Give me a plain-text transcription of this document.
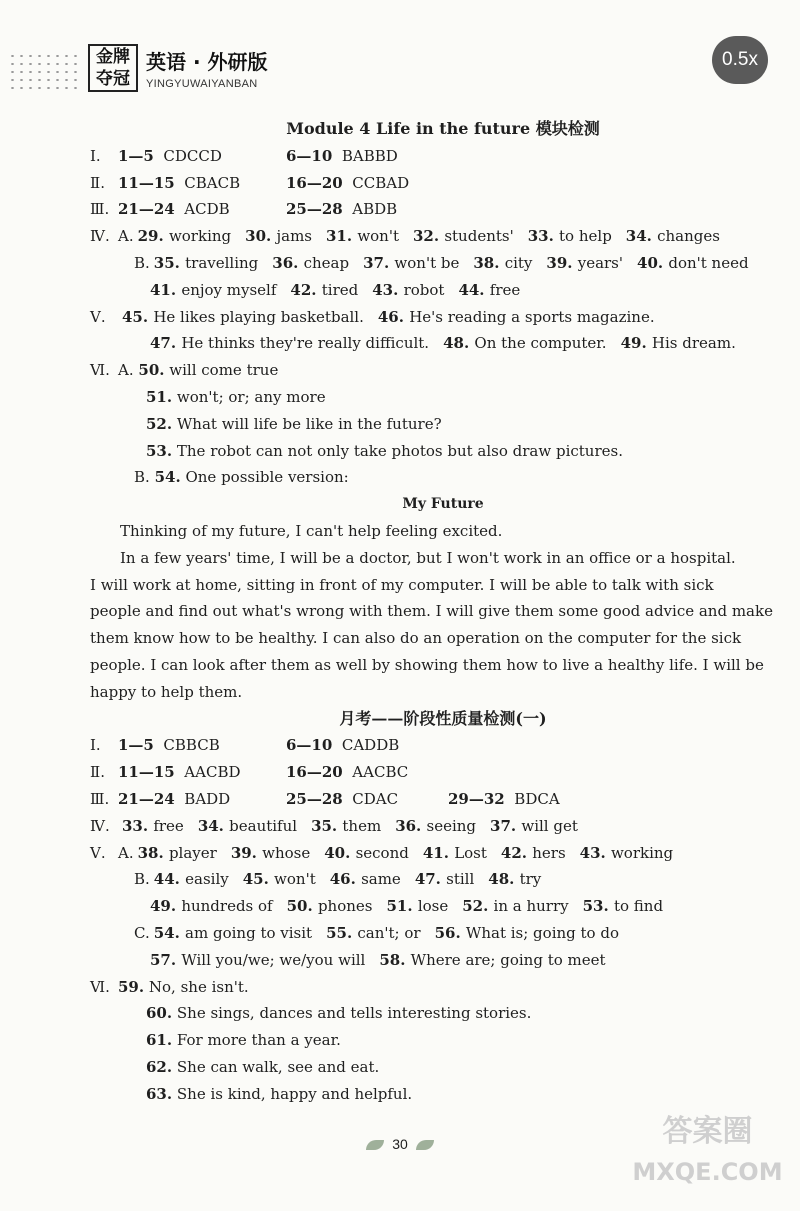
金牌
夺冠
英语 · 外研版
YINGYUWAIYANBAN
0.5x
Module 4 Life in the future 模块检测
Ⅰ. 1—5 CDCCD	6—10 BABBD
Ⅱ. 11—15 CBACB	16—20 CCBAD
Ⅲ. 21—24 ACDB	25—28 ABDB
Ⅳ. A. 29. working 30. jams 31. won't 32. students' 33. to help 34. changes
B. 35. travelling 36. cheap 37. won't be 38. city 39. years' 40. don't need
41. enjoy myself 42. tired 43. robot 44. free
Ⅴ. 45. He likes playing basketball. 46. He's reading a sports magazine.
47. He thinks they're really difficult. 48. On the computer. 49. His dream.
Ⅵ. A. 50. will come true
51. won't; or; any more
52. What will life be like in the future?
53. The robot can not only take photos but also draw pictures.
B. 54. One possible version:
My Future
Thinking of my future, I can't help feeling excited.
In a few years' time, I will be a doctor, but I won't work in an office or a hospital.
I will work at home, sitting in front of my computer. I will be able to talk with sick
people and find out what's wrong with them. I will give them some good advice and make
them know how to be healthy. I can also do an operation on the computer for the sick
people. I can look after them as well by showing them how to live a healthy life. I will be
happy to help them.
月考——阶段性质量检测(一)
Ⅰ. 1—5 CBBCB	6—10 CADDB
Ⅱ. 11—15 AACBD	16—20 AACBC
Ⅲ. 21—24 BADD	25—28 CDAC	29—32 BDCA
Ⅳ. 33. free 34. beautiful 35. them 36. seeing 37. will get
Ⅴ. A. 38. player 39. whose 40. second 41. Lost 42. hers 43. working
B. 44. easily 45. won't 46. same 47. still 48. try
49. hundreds of 50. phones 51. lose 52. in a hurry 53. to find
C. 54. am going to visit 55. can't; or 56. What is; going to do
57. Will you/we; we/you will 58. Where are; going to meet
Ⅵ. 59. No, she isn't.
60. She sings, dances and tells interesting stories.
61. For more than a year.
62. She can walk, see and eat.
63. She is kind, happy and helpful.
30	答案圈
MXQE.COM
